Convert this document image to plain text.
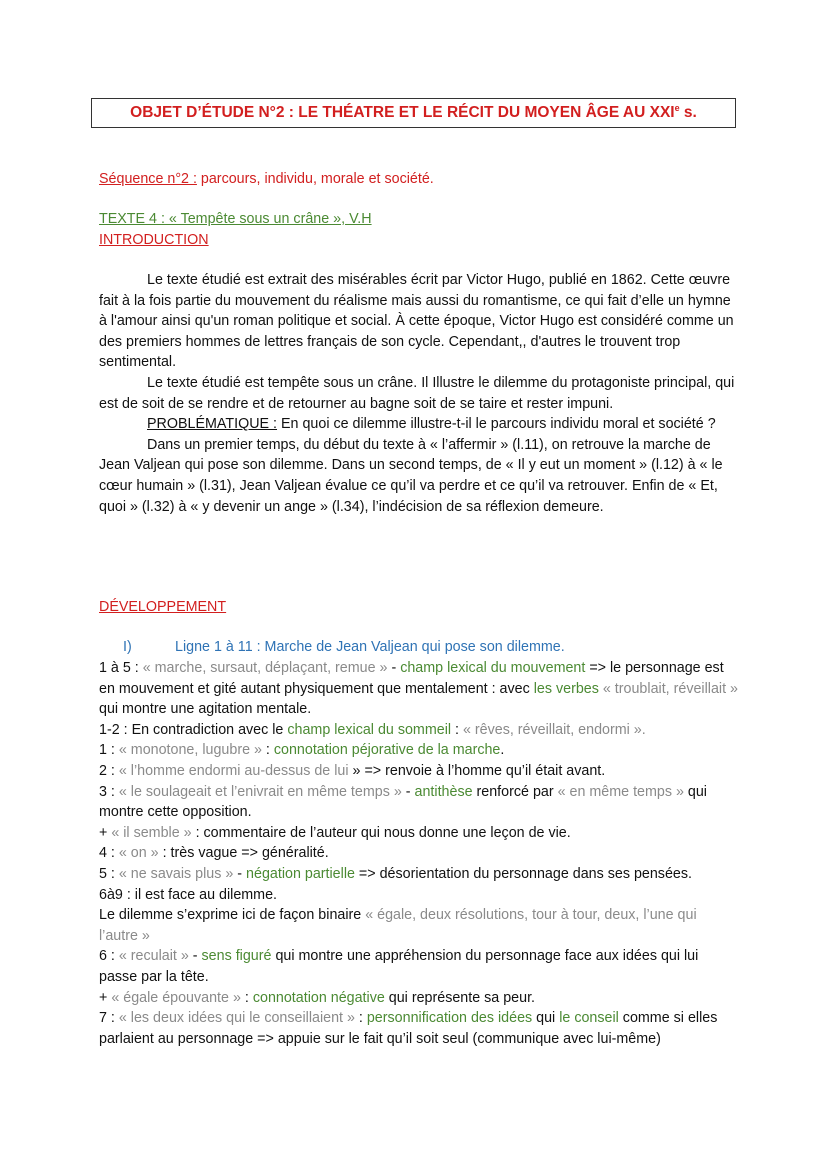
OBJET D’ÉTUDE N°2 : LE THÉATRE ET LE RÉCIT DU MOYEN ÂGE AU XXIe s.
Séquence n°2 : parcours, individu, morale et société.
TEXTE 4 : « Tempête sous un crâne », V.H
INTRODUCTION

Le texte étudié est extrait des misérables écrit par Victor Hugo, publié en 1862. Cette œuvre fait à la fois partie du mouvement du réalisme mais aussi du romantisme, ce qui fait d’elle un hymne à l'amour ainsi qu'un roman politique et social. À cette époque, Victor Hugo est considéré comme un des premiers hommes de lettres français de son cycle. Cependant,, d'autres le trouvent trop sentimental.

Le texte étudié est tempête sous un crâne. Il Illustre le dilemme du protagoniste principal, qui est de soit de se rendre et de retourner au bagne soit de se taire et rester impuni.

PROBLÉMATIQUE : En quoi ce dilemme illustre-t-il le parcours individu moral et société ?

Dans un premier temps, du début du texte à « l’affermir » (l.11), on retrouve la marche de Jean Valjean qui pose son dilemme. Dans un second temps, de « Il y eut un moment » (l.12) à « le cœur humain » (l.31), Jean Valjean évalue ce qu’il va perdre et ce qu’il va retrouver. Enfin de « Et, quoi » (l.32) à « y devenir un ange » (l.34), l’indécision de sa réflexion demeure.

DÉVELOPPEMENT
I)	Ligne 1 à 11 : Marche de Jean Valjean qui pose son dilemme.

1 à 5 : « marche, sursaut, déplaçant, remue » - champ lexical du mouvement => le personnage est en mouvement et gité autant physiquement que mentalement : avec les verbes « troublait, réveillait » qui montre une agitation mentale.

1-2 : En contradiction avec le champ lexical du sommeil : « rêves, réveillait, endormi ».

1 : « monotone, lugubre » : connotation péjorative de la marche.

2 : « l’homme endormi au-dessus de lui » => renvoie à l’homme qu’il était avant.

3 : « le soulageait et l’enivrait en même temps » - antithèse renforcé par « en même temps » qui montre cette opposition.

+ « il semble » : commentaire de l’auteur qui nous donne une leçon de vie.

4 : « on » : très vague => généralité.

5 : « ne savais plus » - négation partielle => désorientation du personnage dans ses pensées.

6à9 : il est face au dilemme.

Le dilemme s’exprime ici de façon binaire « égale, deux résolutions, tour à tour, deux, l’une qui l’autre »

6 : « reculait » - sens figuré qui montre une appréhension du personnage face aux idées qui lui passe par la tête.

+ « égale épouvante » : connotation négative qui représente sa peur.

7 : « les deux idées qui le conseillaient » : personnification des idées qui le conseil comme si elles parlaient au personnage => appuie sur le fait qu’il soit seul (communique avec lui-même)
